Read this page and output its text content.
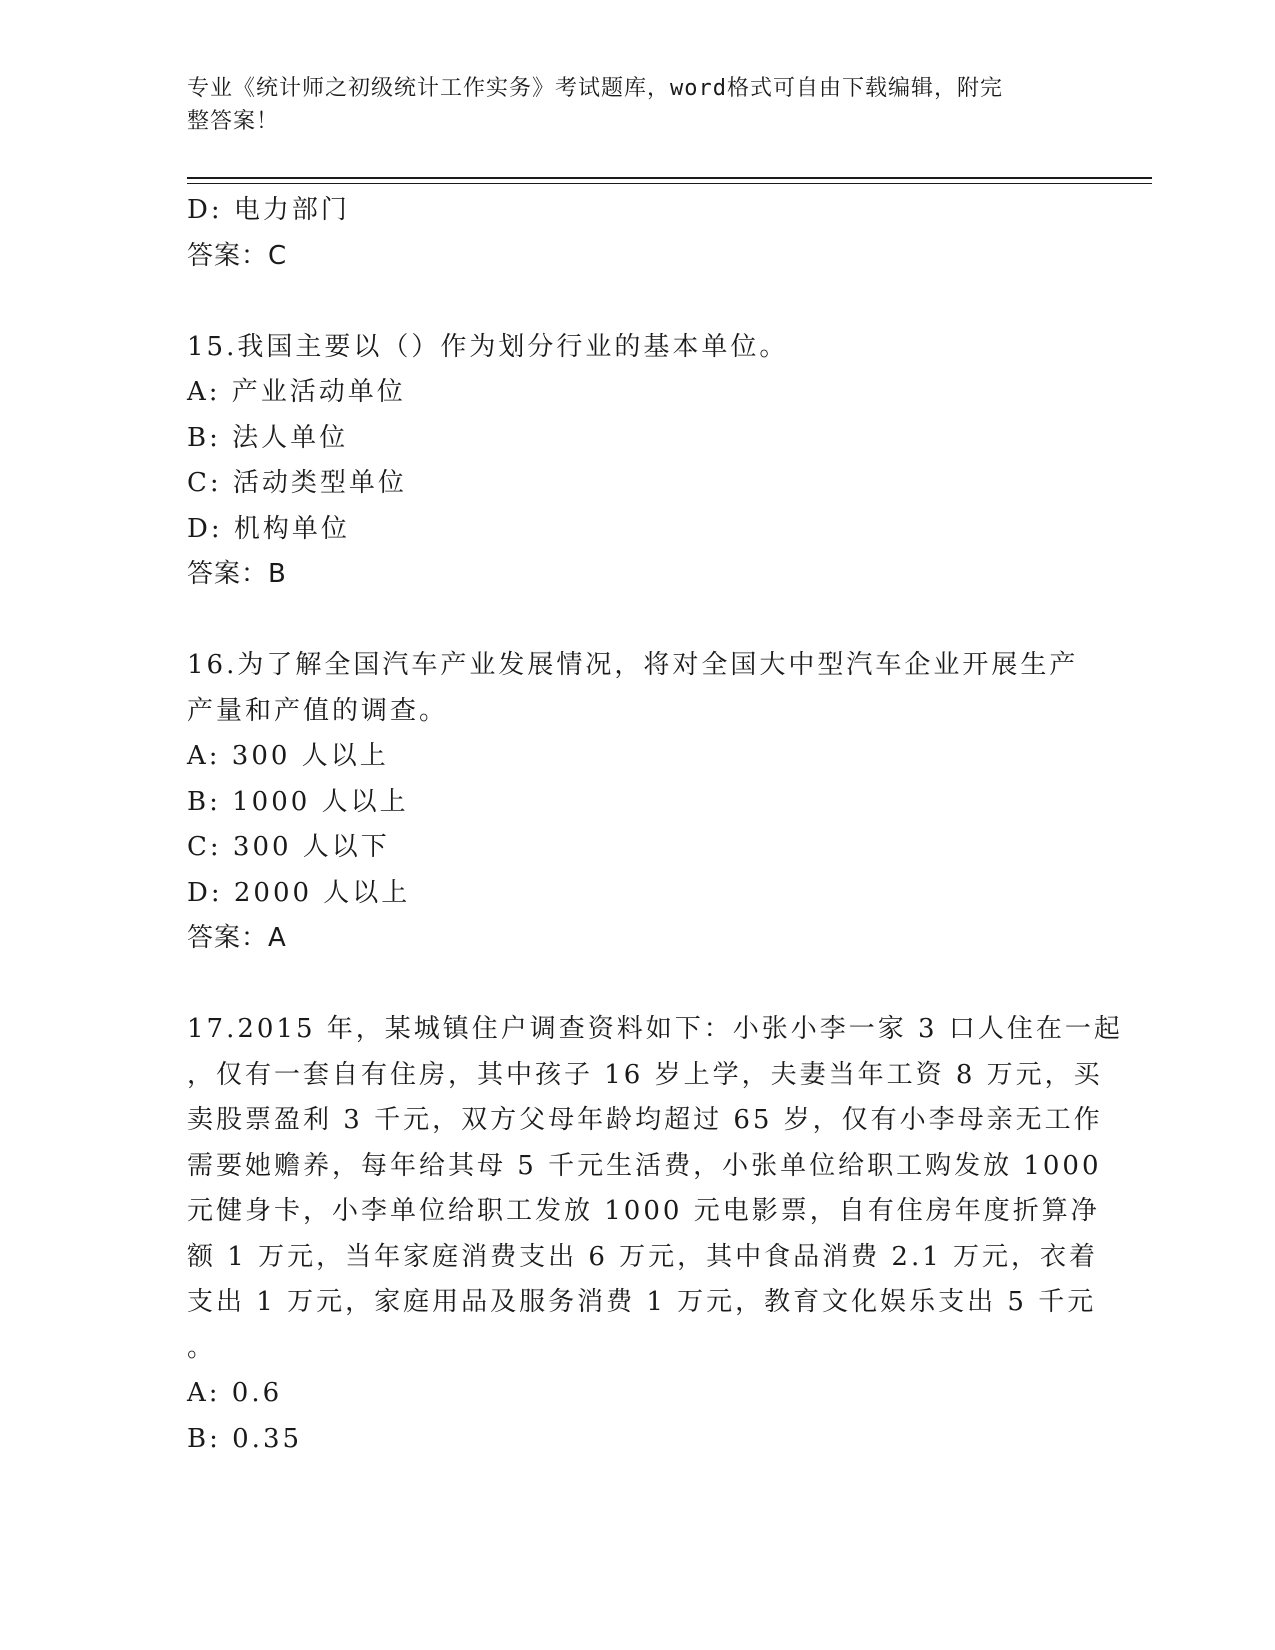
专业《统计师之初级统计工作实务》考试题库，word格式可自由下载编辑，附完
整答案！

D: 电力部门

答案：C

15.我国主要以（）作为划分行业的基本单位。

A: 产业活动单位

B: 法人单位

C: 活动类型单位

D: 机构单位

答案：B

16.为了解全国汽车产业发展情况，将对全国大中型汽车企业开展生产

产量和产值的调查。

A: 300 人以上

B: 1000 人以上

C: 300 人以下

D: 2000 人以上

答案：A

17.2015 年，某城镇住户调查资料如下：小张小李一家 3 口人住在一起

，仅有一套自有住房，其中孩子 16 岁上学，夫妻当年工资 8 万元，买

卖股票盈利 3 千元，双方父母年龄均超过 65 岁，仅有小李母亲无工作

需要她赡养，每年给其母 5 千元生活费，小张单位给职工购发放 1000

元健身卡，小李单位给职工发放 1000 元电影票，自有住房年度折算净

额 1 万元，当年家庭消费支出 6 万元，其中食品消费 2.1 万元，衣着

支出 1 万元，家庭用品及服务消费 1 万元，教育文化娱乐支出 5 千元

。

A: 0.6

B: 0.35
